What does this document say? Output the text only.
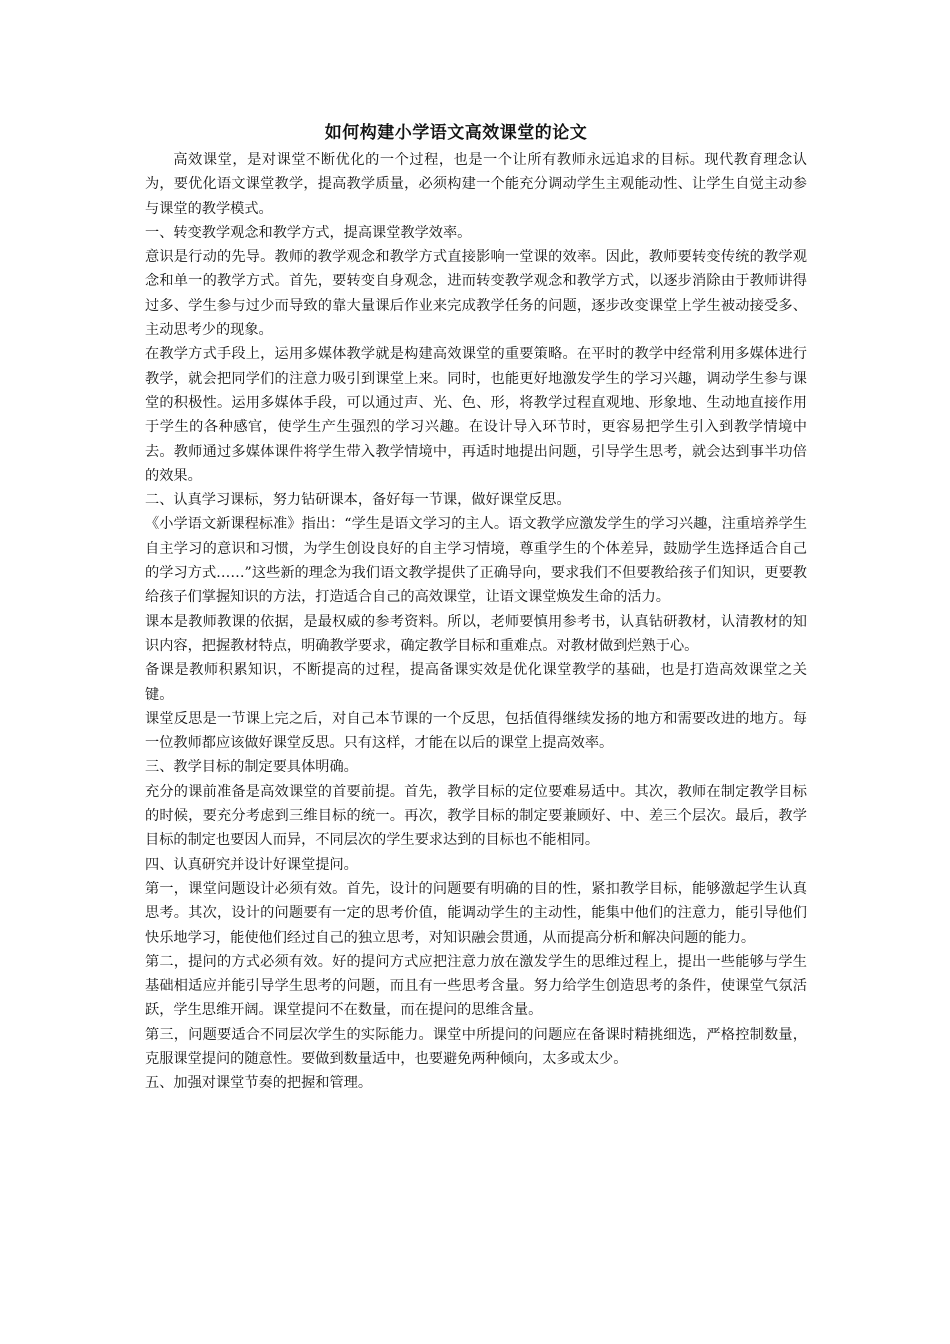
如何构建小学语文高效课堂的论文

高效课堂，是对课堂不断优化的一个过程，也是一个让所有教师永远追求的目标。现代教育理念认为，要优化语文课堂教学，提高教学质量，必须构建一个能充分调动学生主观能动性、让学生自觉主动参与课堂的教学模式。

一、转变教学观念和教学方式，提高课堂教学效率。

意识是行动的先导。教师的教学观念和教学方式直接影响一堂课的效率。因此，教师要转变传统的教学观念和单一的教学方式。首先，要转变自身观念，进而转变教学观念和教学方式，以逐步消除由于教师讲得过多、学生参与过少而导致的靠大量课后作业来完成教学任务的问题，逐步改变课堂上学生被动接受多、主动思考少的现象。

在教学方式手段上，运用多媒体教学就是构建高效课堂的重要策略。在平时的教学中经常利用多媒体进行教学，就会把同学们的注意力吸引到课堂上来。同时，也能更好地激发学生的学习兴趣，调动学生参与课堂的积极性。运用多媒体手段，可以通过声、光、色、形，将教学过程直观地、形象地、生动地直接作用于学生的各种感官，使学生产生强烈的学习兴趣。在设计导入环节时，更容易把学生引入到教学情境中去。教师通过多媒体课件将学生带入教学情境中，再适时地提出问题，引导学生思考，就会达到事半功倍的效果。

二、认真学习课标，努力钻研课本，备好每一节课，做好课堂反思。

《小学语文新课程标准》指出：“学生是语文学习的主人。语文教学应激发学生的学习兴趣，注重培养学生自主学习的意识和习惯，为学生创设良好的自主学习情境，尊重学生的个体差异，鼓励学生选择适合自己的学习方式……”这些新的理念为我们语文教学提供了正确导向，要求我们不但要教给孩子们知识，更要教给孩子们掌握知识的方法，打造适合自己的高效课堂，让语文课堂焕发生命的活力。

课本是教师教课的依据，是最权威的参考资料。所以，老师要慎用参考书，认真钻研教材，认清教材的知识内容，把握教材特点，明确教学要求，确定教学目标和重难点。对教材做到烂熟于心。

备课是教师积累知识，不断提高的过程，提高备课实效是优化课堂教学的基础，也是打造高效课堂之关键。

课堂反思是一节课上完之后，对自己本节课的一个反思，包括值得继续发扬的地方和需要改进的地方。每一位教师都应该做好课堂反思。只有这样，才能在以后的课堂上提高效率。

三、教学目标的制定要具体明确。

充分的课前准备是高效课堂的首要前提。首先，教学目标的定位要难易适中。其次，教师在制定教学目标的时候，要充分考虑到三维目标的统一。再次，教学目标的制定要兼顾好、中、差三个层次。最后，教学目标的制定也要因人而异，不同层次的学生要求达到的目标也不能相同。

四、认真研究并设计好课堂提问。

第一，课堂问题设计必须有效。首先，设计的问题要有明确的目的性，紧扣教学目标，能够激起学生认真思考。其次，设计的问题要有一定的思考价值，能调动学生的主动性，能集中他们的注意力，能引导他们快乐地学习，能使他们经过自己的独立思考，对知识融会贯通，从而提高分析和解决问题的能力。

第二，提问的方式必须有效。好的提问方式应把注意力放在激发学生的思维过程上，提出一些能够与学生基础相适应并能引导学生思考的问题，而且有一些思考含量。努力给学生创造思考的条件，使课堂气氛活跃，学生思维开阔。课堂提问不在数量，而在提问的思维含量。

第三，问题要适合不同层次学生的实际能力。课堂中所提问的问题应在备课时精挑细选，严格控制数量，克服课堂提问的随意性。要做到数量适中，也要避免两种倾向，太多或太少。

五、加强对课堂节奏的把握和管理。
